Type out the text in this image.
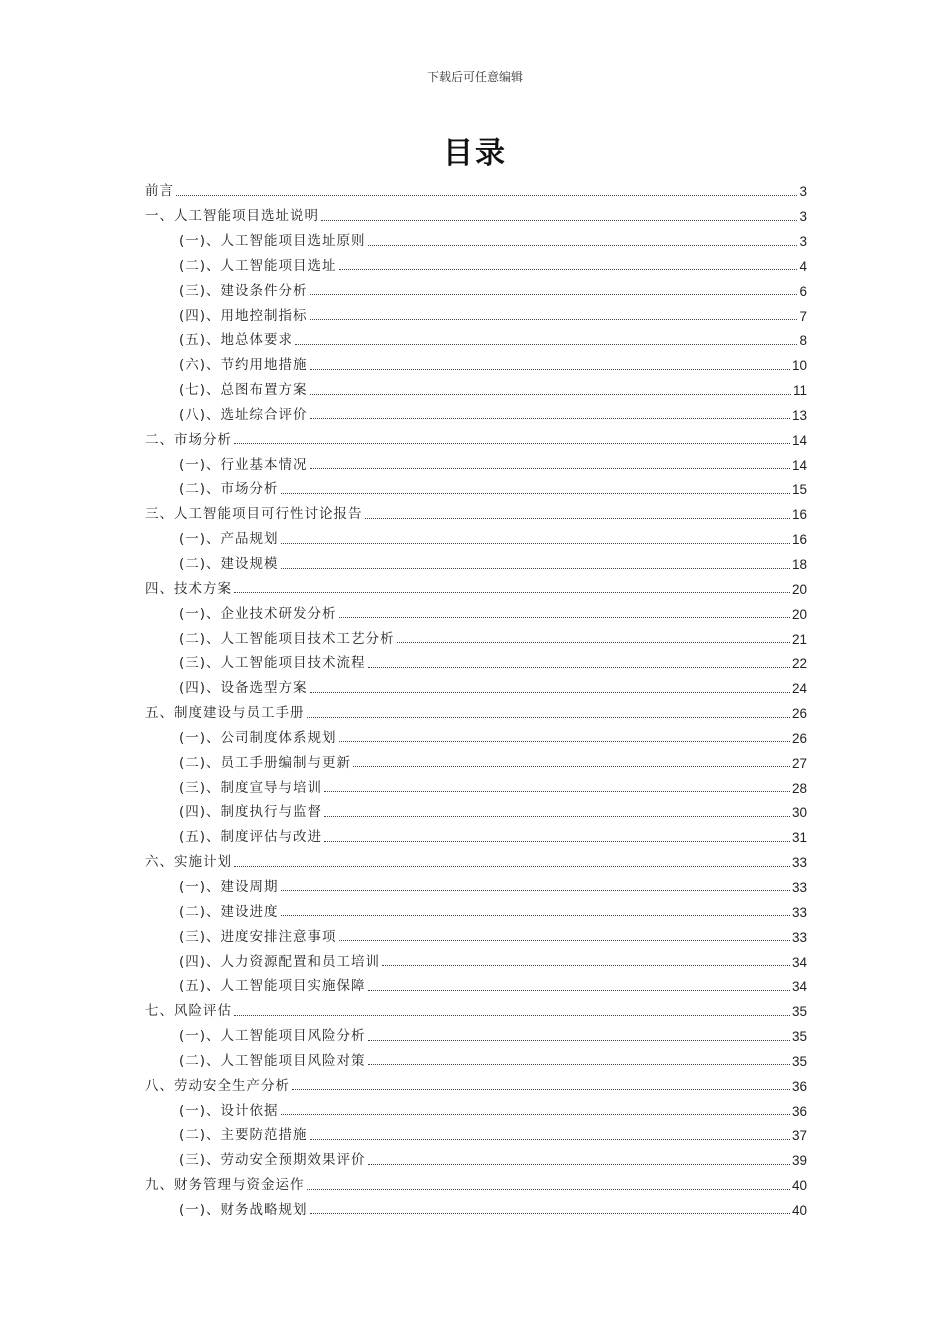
下载后可任意编辑
目录
前言	3
一、人工智能项目选址说明	3
(一)、人工智能项目选址原则	3
(二)、人工智能项目选址	4
(三)、建设条件分析	6
(四)、用地控制指标	7
(五)、地总体要求	8
(六)、节约用地措施	10
(七)、总图布置方案	11
(八)、选址综合评价	13
二、市场分析	14
(一)、行业基本情况	14
(二)、市场分析	15
三、人工智能项目可行性讨论报告	16
(一)、产品规划	16
(二)、建设规模	18
四、技术方案	20
(一)、企业技术研发分析	20
(二)、人工智能项目技术工艺分析	21
(三)、人工智能项目技术流程	22
(四)、设备选型方案	24
五、制度建设与员工手册	26
(一)、公司制度体系规划	26
(二)、员工手册编制与更新	27
(三)、制度宣导与培训	28
(四)、制度执行与监督	30
(五)、制度评估与改进	31
六、实施计划	33
(一)、建设周期	33
(二)、建设进度	33
(三)、进度安排注意事项	33
(四)、人力资源配置和员工培训	34
(五)、人工智能项目实施保障	34
七、风险评估	35
(一)、人工智能项目风险分析	35
(二)、人工智能项目风险对策	35
八、劳动安全生产分析	36
(一)、设计依据	36
(二)、主要防范措施	37
(三)、劳动安全预期效果评价	39
九、财务管理与资金运作	40
(一)、财务战略规划	40
